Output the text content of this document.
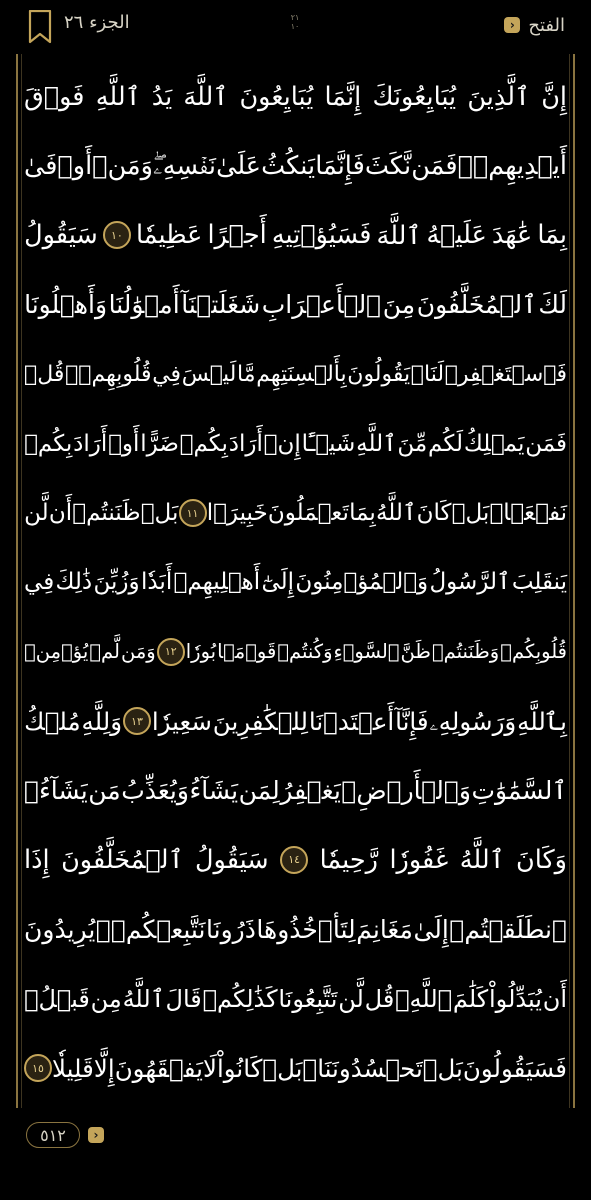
الجزء ٢٦	٢١
١٠	› الفتح
إِنَّ
ٱلَّذِينَ
يُبَايِعُونَكَ
إِنَّمَا
يُبَايِعُونَ
ٱللَّهَ
يَدُ
ٱللَّهِ
فَوۡقَ
أَيۡدِيهِمۡۚ
فَمَن
نَّكَثَ
فَإِنَّمَا
يَنكُثُ
عَلَىٰ
نَفۡسِهِۦۖ
وَمَنۡ
أَوۡفَىٰ
بِمَا
عَٰهَدَ
عَلَيۡهُ
ٱللَّهَ
فَسَيُؤۡتِيهِ
أَجۡرًا
عَظِيمٗا
١٠
سَيَقُولُ
لَكَ
ٱلۡمُخَلَّفُونَ
مِنَ
ٱلۡأَعۡرَابِ
شَغَلَتۡنَآ
أَمۡوَٰلُنَا
وَأَهۡلُونَا
فَٱسۡتَغۡفِرۡ
لَنَاۚ
يَقُولُونَ
بِأَلۡسِنَتِهِم
مَّا
لَيۡسَ
فِي
قُلُوبِهِمۡۚ
قُلۡ
فَمَن
يَمۡلِكُ
لَكُم
مِّنَ
ٱللَّهِ
شَيۡـًٔا
إِنۡ
أَرَادَ
بِكُمۡ
ضَرًّا
أَوۡ
أَرَادَ
بِكُمۡ
نَفۡعَۢاۚ
بَلۡ
كَانَ
ٱللَّهُ
بِمَا
تَعۡمَلُونَ
خَبِيرَۢا
١١
بَلۡ
ظَنَنتُمۡ
أَن
لَّن
يَنقَلِبَ
ٱلرَّسُولُ
وَٱلۡمُؤۡمِنُونَ
إِلَىٰٓ
أَهۡلِيهِمۡ
أَبَدٗا
وَزُيِّنَ
ذَٰلِكَ
فِي
قُلُوبِكُمۡ
وَظَنَنتُمۡ
ظَنَّ
ٱلسَّوۡءِ
وَكُنتُمۡ
قَوۡمَۢا
بُورٗا
١٢
وَمَن
لَّمۡ
يُؤۡمِنۢ
بِٱللَّهِ
وَرَسُولِهِۦ
فَإِنَّآ
أَعۡتَدۡنَا
لِلۡكَٰفِرِينَ
سَعِيرٗا
١٣
وَلِلَّهِ
مُلۡكُ
ٱلسَّمَٰوَٰتِ
وَٱلۡأَرۡضِۚ
يَغۡفِرُ
لِمَن
يَشَآءُ
وَيُعَذِّبُ
مَن
يَشَآءُۚ
وَكَانَ
ٱللَّهُ
غَفُورٗا
رَّحِيمٗا
١٤
سَيَقُولُ
ٱلۡمُخَلَّفُونَ
إِذَا
ٱنطَلَقۡتُمۡ
إِلَىٰ
مَغَانِمَ
لِتَأۡخُذُوهَا
ذَرُونَا
نَتَّبِعۡكُمۡۖ
يُرِيدُونَ
أَن
يُبَدِّلُواْ
كَلَٰمَ
ٱللَّهِۚ
قُل
لَّن
تَتَّبِعُونَا
كَذَٰلِكُمۡ
قَالَ
ٱللَّهُ
مِن
قَبۡلُۖ
فَسَيَقُولُونَ
بَلۡ
تَحۡسُدُونَنَاۚ
بَلۡ
كَانُواْ
لَا
يَفۡقَهُونَ
إِلَّا
قَلِيلٗا
١٥
٥١٢	›
